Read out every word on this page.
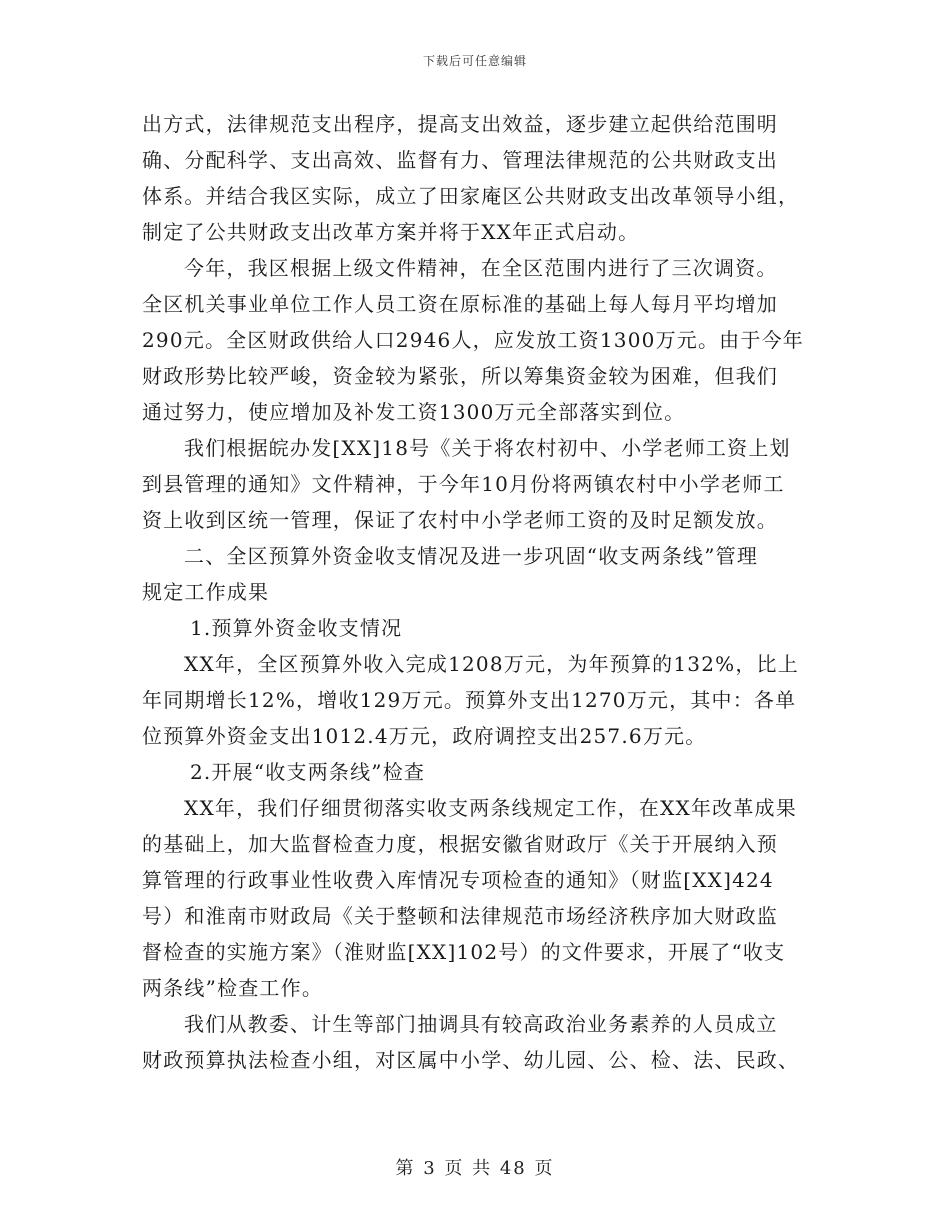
下载后可任意编辑
出方式，法律规范支出程序，提高支出效益，逐步建立起供给范围明
确、分配科学、支出高效、监督有力、管理法律规范的公共财政支出
体系。并结合我区实际，成立了田家庵区公共财政支出改革领导小组，
制定了公共财政支出改革方案并将于XX年正式启动。
今年，我区根据上级文件精神，在全区范围内进行了三次调资。
全区机关事业单位工作人员工资在原标准的基础上每人每月平均增加
290元。全区财政供给人口2946人，应发放工资1300万元。由于今年
财政形势比较严峻，资金较为紧张，所以筹集资金较为困难，但我们
通过努力，使应增加及补发工资1300万元全部落实到位。
我们根据皖办发[XX]18号《关于将农村初中、小学老师工资上划
到县管理的通知》文件精神，于今年10月份将两镇农村中小学老师工
资上收到区统一管理，保证了农村中小学老师工资的及时足额发放。
二、全区预算外资金收支情况及进一步巩固“收支两条线”管理
规定工作成果
1.预算外资金收支情况
XX年，全区预算外收入完成1208万元，为年预算的132%，比上
年同期增长12%，增收129万元。预算外支出1270万元，其中：各单
位预算外资金支出1012.4万元，政府调控支出257.6万元。
2.开展“收支两条线”检查
XX年，我们仔细贯彻落实收支两条线规定工作，在XX年改革成果
的基础上，加大监督检查力度，根据安徽省财政厅《关于开展纳入预
算管理的行政事业性收费入库情况专项检查的通知》（财监[XX]424
号）和淮南市财政局《关于整顿和法律规范市场经济秩序加大财政监
督检查的实施方案》（淮财监[XX]102号）的文件要求，开展了“收支
两条线”检查工作。
我们从教委、计生等部门抽调具有较高政治业务素养的人员成立
财政预算执法检查小组，对区属中小学、幼儿园、公、检、法、民政、
第 3 页 共 48 页
